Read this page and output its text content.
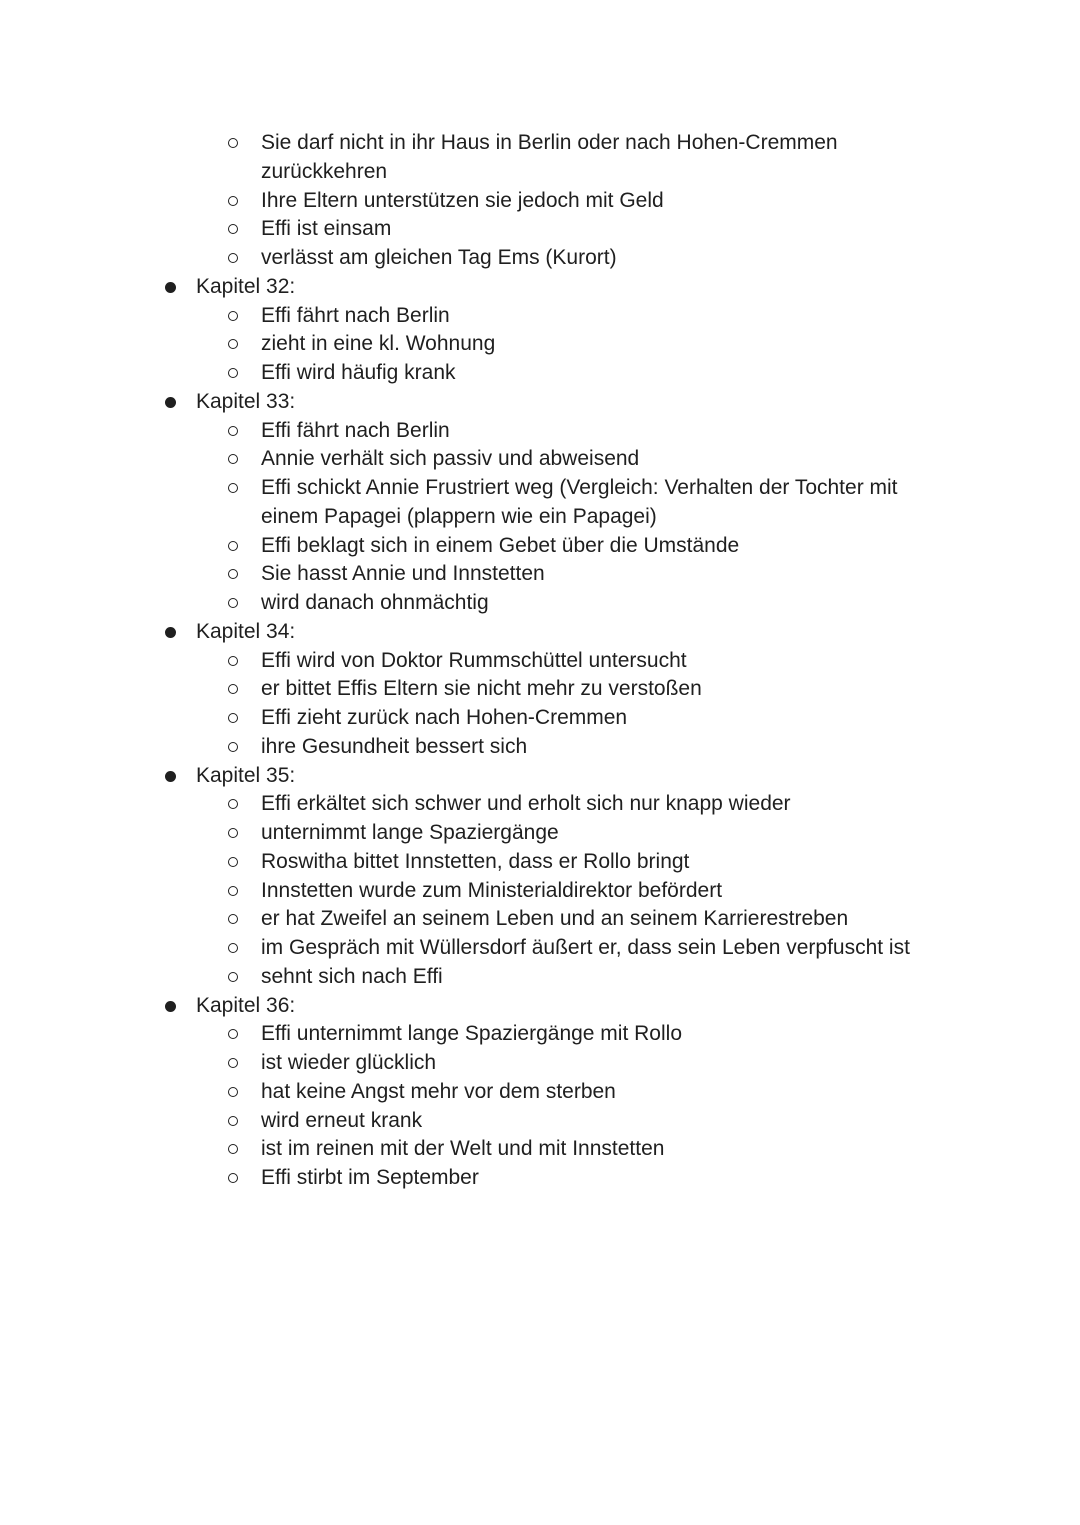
Sie darf nicht in ihr Haus in Berlin oder nach Hohen-Cremmen
zurückkehren
Ihre Eltern unterstützen sie jedoch mit Geld
Effi ist einsam
verlässt am gleichen Tag Ems (Kurort)
Kapitel 32:
Effi fährt nach Berlin
zieht in eine kl. Wohnung
Effi wird häufig krank
Kapitel 33:
Effi fährt nach Berlin
Annie verhält sich passiv und abweisend
Effi schickt Annie Frustriert weg (Vergleich: Verhalten der Tochter mit
einem Papagei (plappern wie ein Papagei)
Effi beklagt sich in einem Gebet über die Umstände
Sie hasst Annie und Innstetten
wird danach ohnmächtig
Kapitel 34:
Effi wird von Doktor Rummschüttel untersucht
er bittet Effis Eltern sie nicht mehr zu verstoßen
Effi zieht zurück nach Hohen-Cremmen
ihre Gesundheit bessert sich
Kapitel 35:
Effi erkältet sich schwer und erholt sich nur knapp wieder
unternimmt lange Spaziergänge
Roswitha bittet Innstetten, dass er Rollo bringt
Innstetten wurde zum Ministerialdirektor befördert
er hat Zweifel an seinem Leben und an seinem Karrierestreben
im Gespräch mit Wüllersdorf äußert er, dass sein Leben verpfuscht ist
sehnt sich nach Effi
Kapitel 36:
Effi unternimmt lange Spaziergänge mit Rollo
ist wieder glücklich
hat keine Angst mehr vor dem sterben
wird erneut krank
ist im reinen mit der Welt und mit Innstetten
Effi stirbt im September
